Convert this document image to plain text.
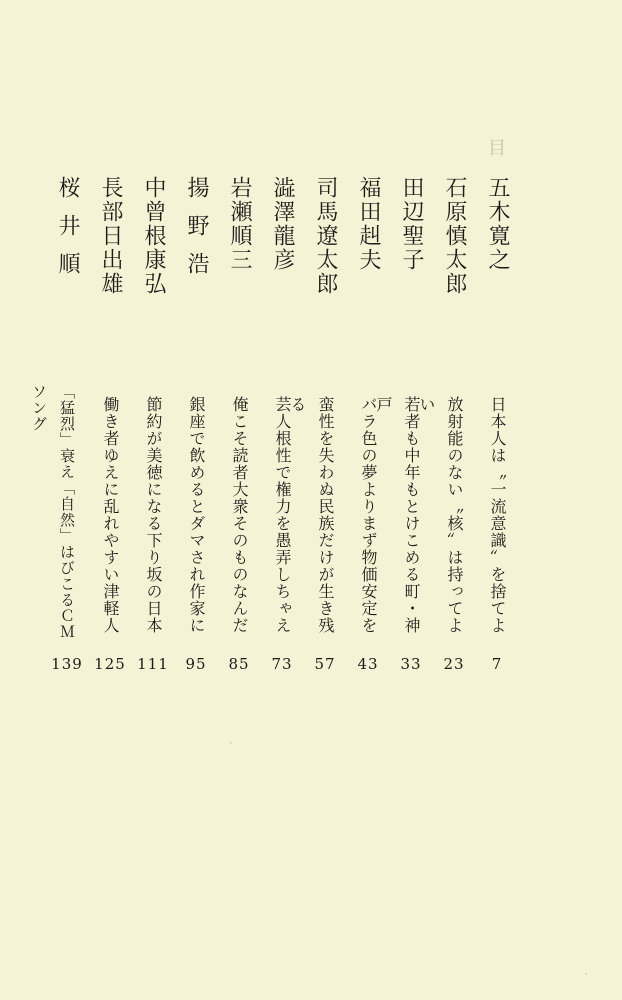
目
五木寛之
日本人は〝一流意識〟を捨てよ
7
石原慎太郎
放射能のない〝核〟は持ってよい
23
田辺聖子
若者も中年もとけこめる町・神戸
33
福田赳夫
バラ色の夢よりまず物価安定を
43
司馬遼太郎
蛮性を失わぬ民族だけが生き残る
57
澁澤龍彦
芸人根性で権力を愚弄しちゃえ
73
岩瀬順三
俺こそ読者大衆そのものなんだ
85
揚野浩
銀座で飲めるとダマされ作家に
95
中曾根康弘
節約が美徳になる下り坂の日本
111
長部日出雄
働き者ゆえに乱れやすい津軽人
125
桜井順
「猛烈」衰え「自然」はびこるＣＭソング
139
